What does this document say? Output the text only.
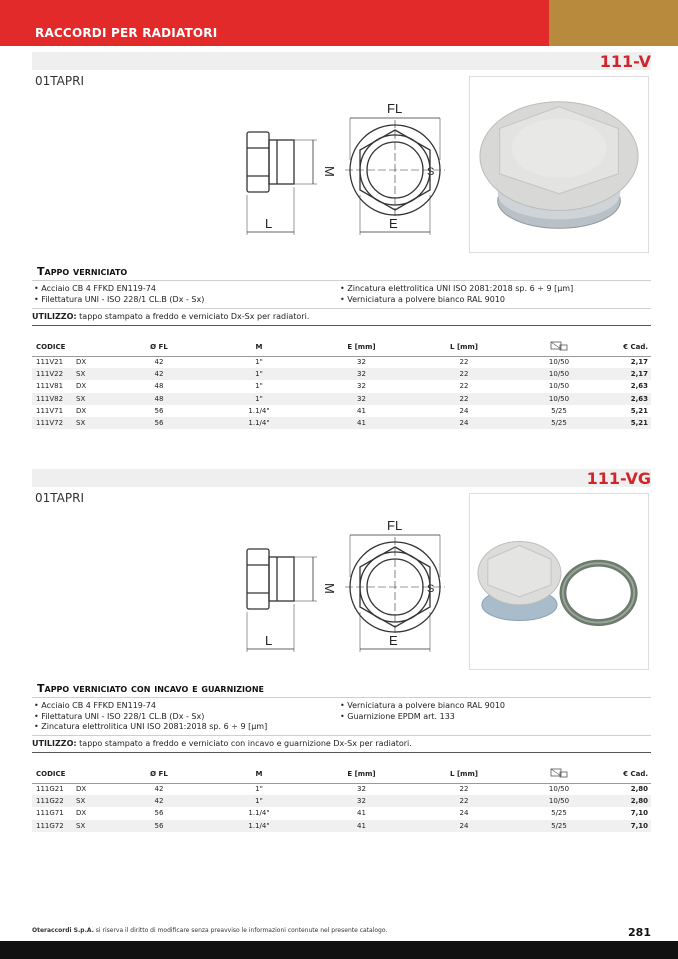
RACCORDI PER RADIATORI
111-V
01TAPRI
FL
M
L	E
S
Tappo verniciato
• Acciaio CB 4 FFKD EN119-74
• Filettatura UNI - ISO 228/1 CL.B (Dx - Sx)
• Zincatura elettrolitica UNI ISO 2081:2018 sp. 6 ÷ 9 [μm]
• Verniciatura a polvere bianco RAL 9010
UTILIZZO: tappo stampato a freddo e verniciato Dx-Sx per radiatori.
CODICE	Ø FL	M	E [mm]	L [mm]		€ Cad.
111V21 DX	42	1"	32	22	10/50	2,17
111V22 SX	42	1"	32	22	10/50	2,17
111V81 DX	48	1"	32	22	10/50	2,63
111V82 SX	48	1"	32	22	10/50	2,63
111V71 DX	56	1.1/4"	41	24	5/25	5,21
111V72 SX	56	1.1/4"	41	24	5/25	5,21
111-VG
01TAPRI
FL
M
L	E
S
Tappo verniciato con incavo e guarnizione
• Acciaio CB 4 FFKD EN119-74
• Filettatura UNI - ISO 228/1 CL.B (Dx - Sx)
• Zincatura elettrolitica UNI ISO 2081:2018 sp. 6 ÷ 9 [μm]
• Verniciatura a polvere bianco RAL 9010
• Guarnizione EPDM art. 133
UTILIZZO: tappo stampato a freddo e verniciato con incavo e guarnizione Dx-Sx per radiatori.
CODICE	Ø FL	M	E [mm]	L [mm]		€ Cad.
111G21 DX	42	1"	32	22	10/50	2,80
111G22 SX	42	1"	32	22	10/50	2,80
111G71 DX	56	1.1/4"	41	24	5/25	7,10
111G72 SX	56	1.1/4"	41	24	5/25	7,10
Oteraccordi S.p.A. si riserva il diritto di modificare senza preavviso le informazioni contenute nel presente catalogo.	281
